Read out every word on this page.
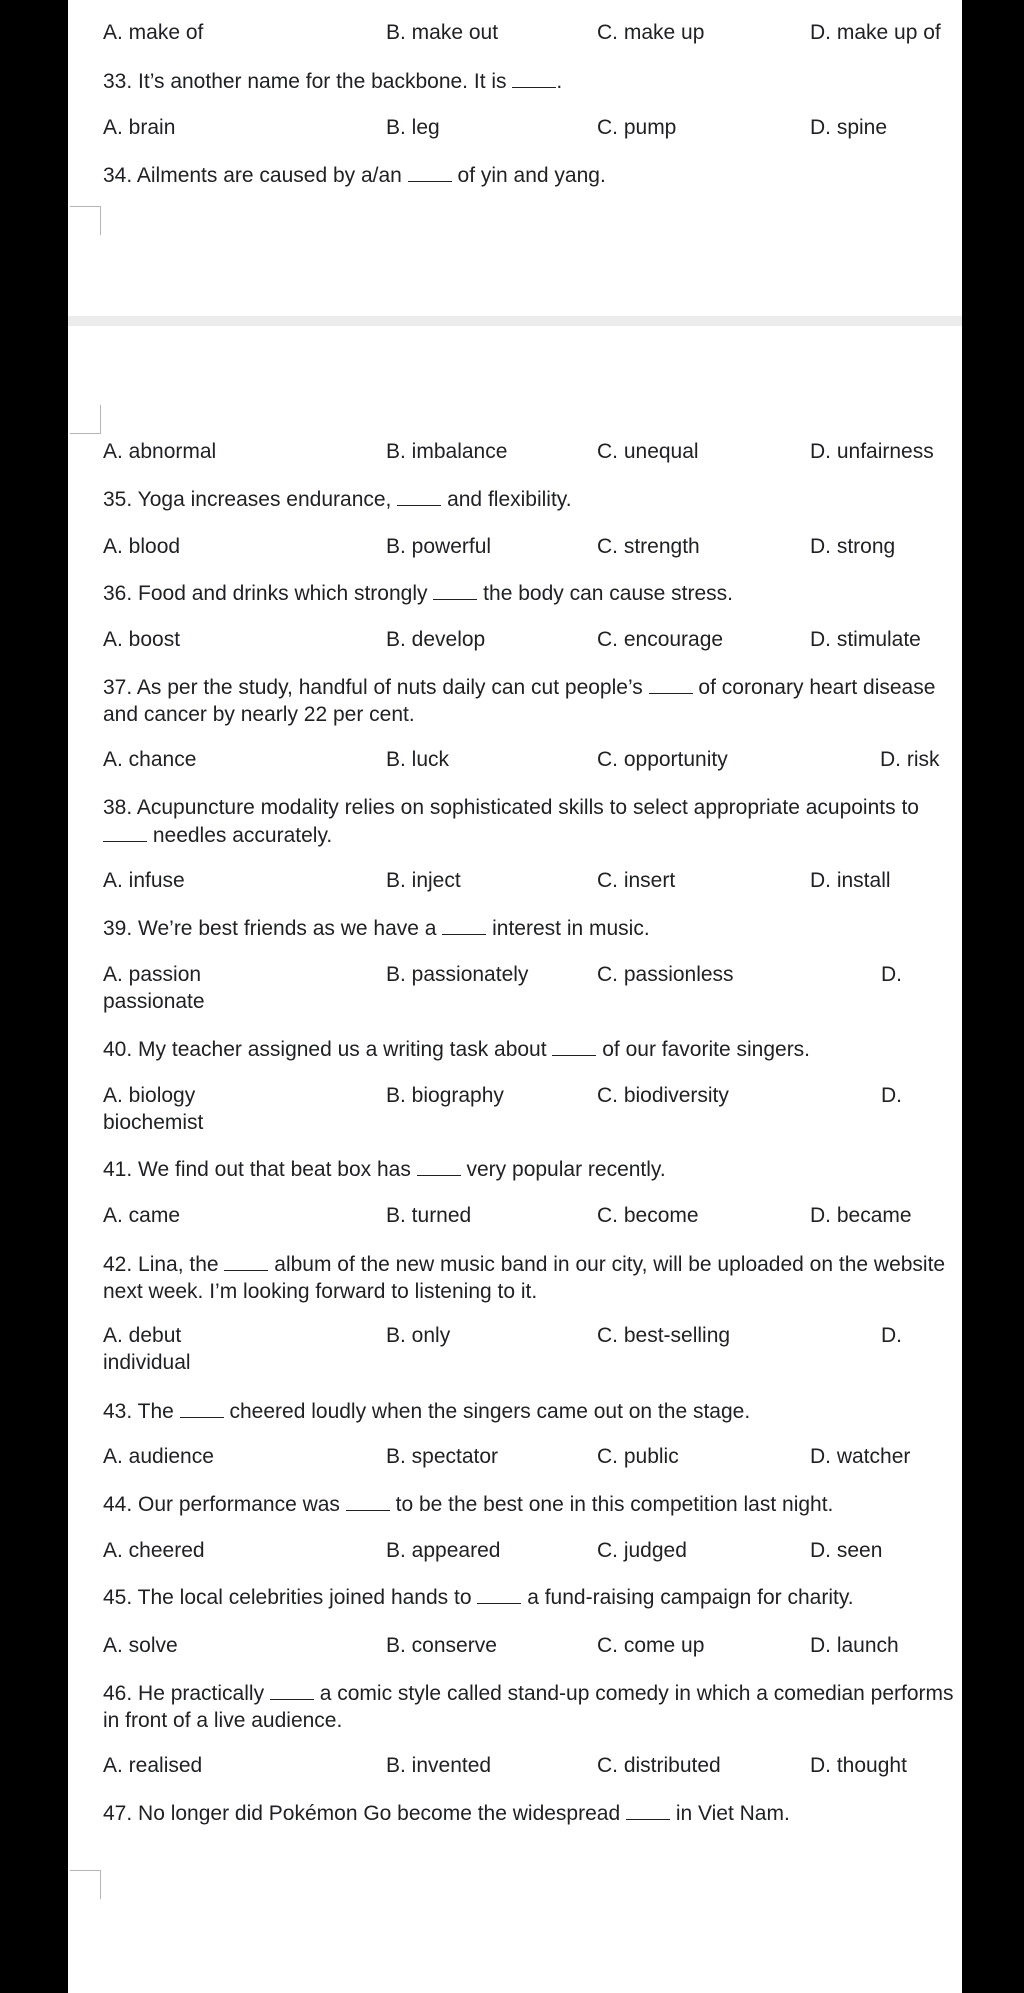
A. make of	B. make out	C. make up	D. make up of
33. It’s another name for the backbone. It is .
A. brain	B. leg	C. pump	D. spine
34. Ailments are caused by a/an  of yin and yang.
A. abnormal	B. imbalance	C. unequal	D. unfairness
35. Yoga increases endurance,  and flexibility.
A. blood	B. powerful	C. strength	D. strong
36. Food and drinks which strongly  the body can cause stress.
A. boost	B. develop	C. encourage	D. stimulate
37. As per the study, handful of nuts daily can cut people’s  of coronary heart disease and cancer by nearly 22 per cent.
A. chance	B. luck	C. opportunity	D. risk
38. Acupuncture modality relies on sophisticated skills to select appropriate acupoints to  needles accurately.
A. infuse	B. inject	C. insert	D. install
39. We’re best friends as we have a  interest in music.
A. passion	B. passionately	C. passionless	D.
passionate
40. My teacher assigned us a writing task about  of our favorite singers.
A. biology	B. biography	C. biodiversity	D.
biochemist
41. We find out that beat box has  very popular recently.
A. came	B. turned	C. become	D. became
42. Lina, the  album of the new music band in our city, will be uploaded on the website next week. I’m looking forward to listening to it.
A. debut	B. only	C. best-selling	D.
individual
43. The  cheered loudly when the singers came out on the stage.
A. audience	B. spectator	C. public	D. watcher
44. Our performance was  to be the best one in this competition last night.
A. cheered	B. appeared	C. judged	D. seen
45. The local celebrities joined hands to  a fund-raising campaign for charity.
A. solve	B. conserve	C. come up	D. launch
46. He practically  a comic style called stand-up comedy in which a comedian performs in front of a live audience.
A. realised	B. invented	C. distributed	D. thought
47. No longer did Pokémon Go become the widespread  in Viet Nam.
